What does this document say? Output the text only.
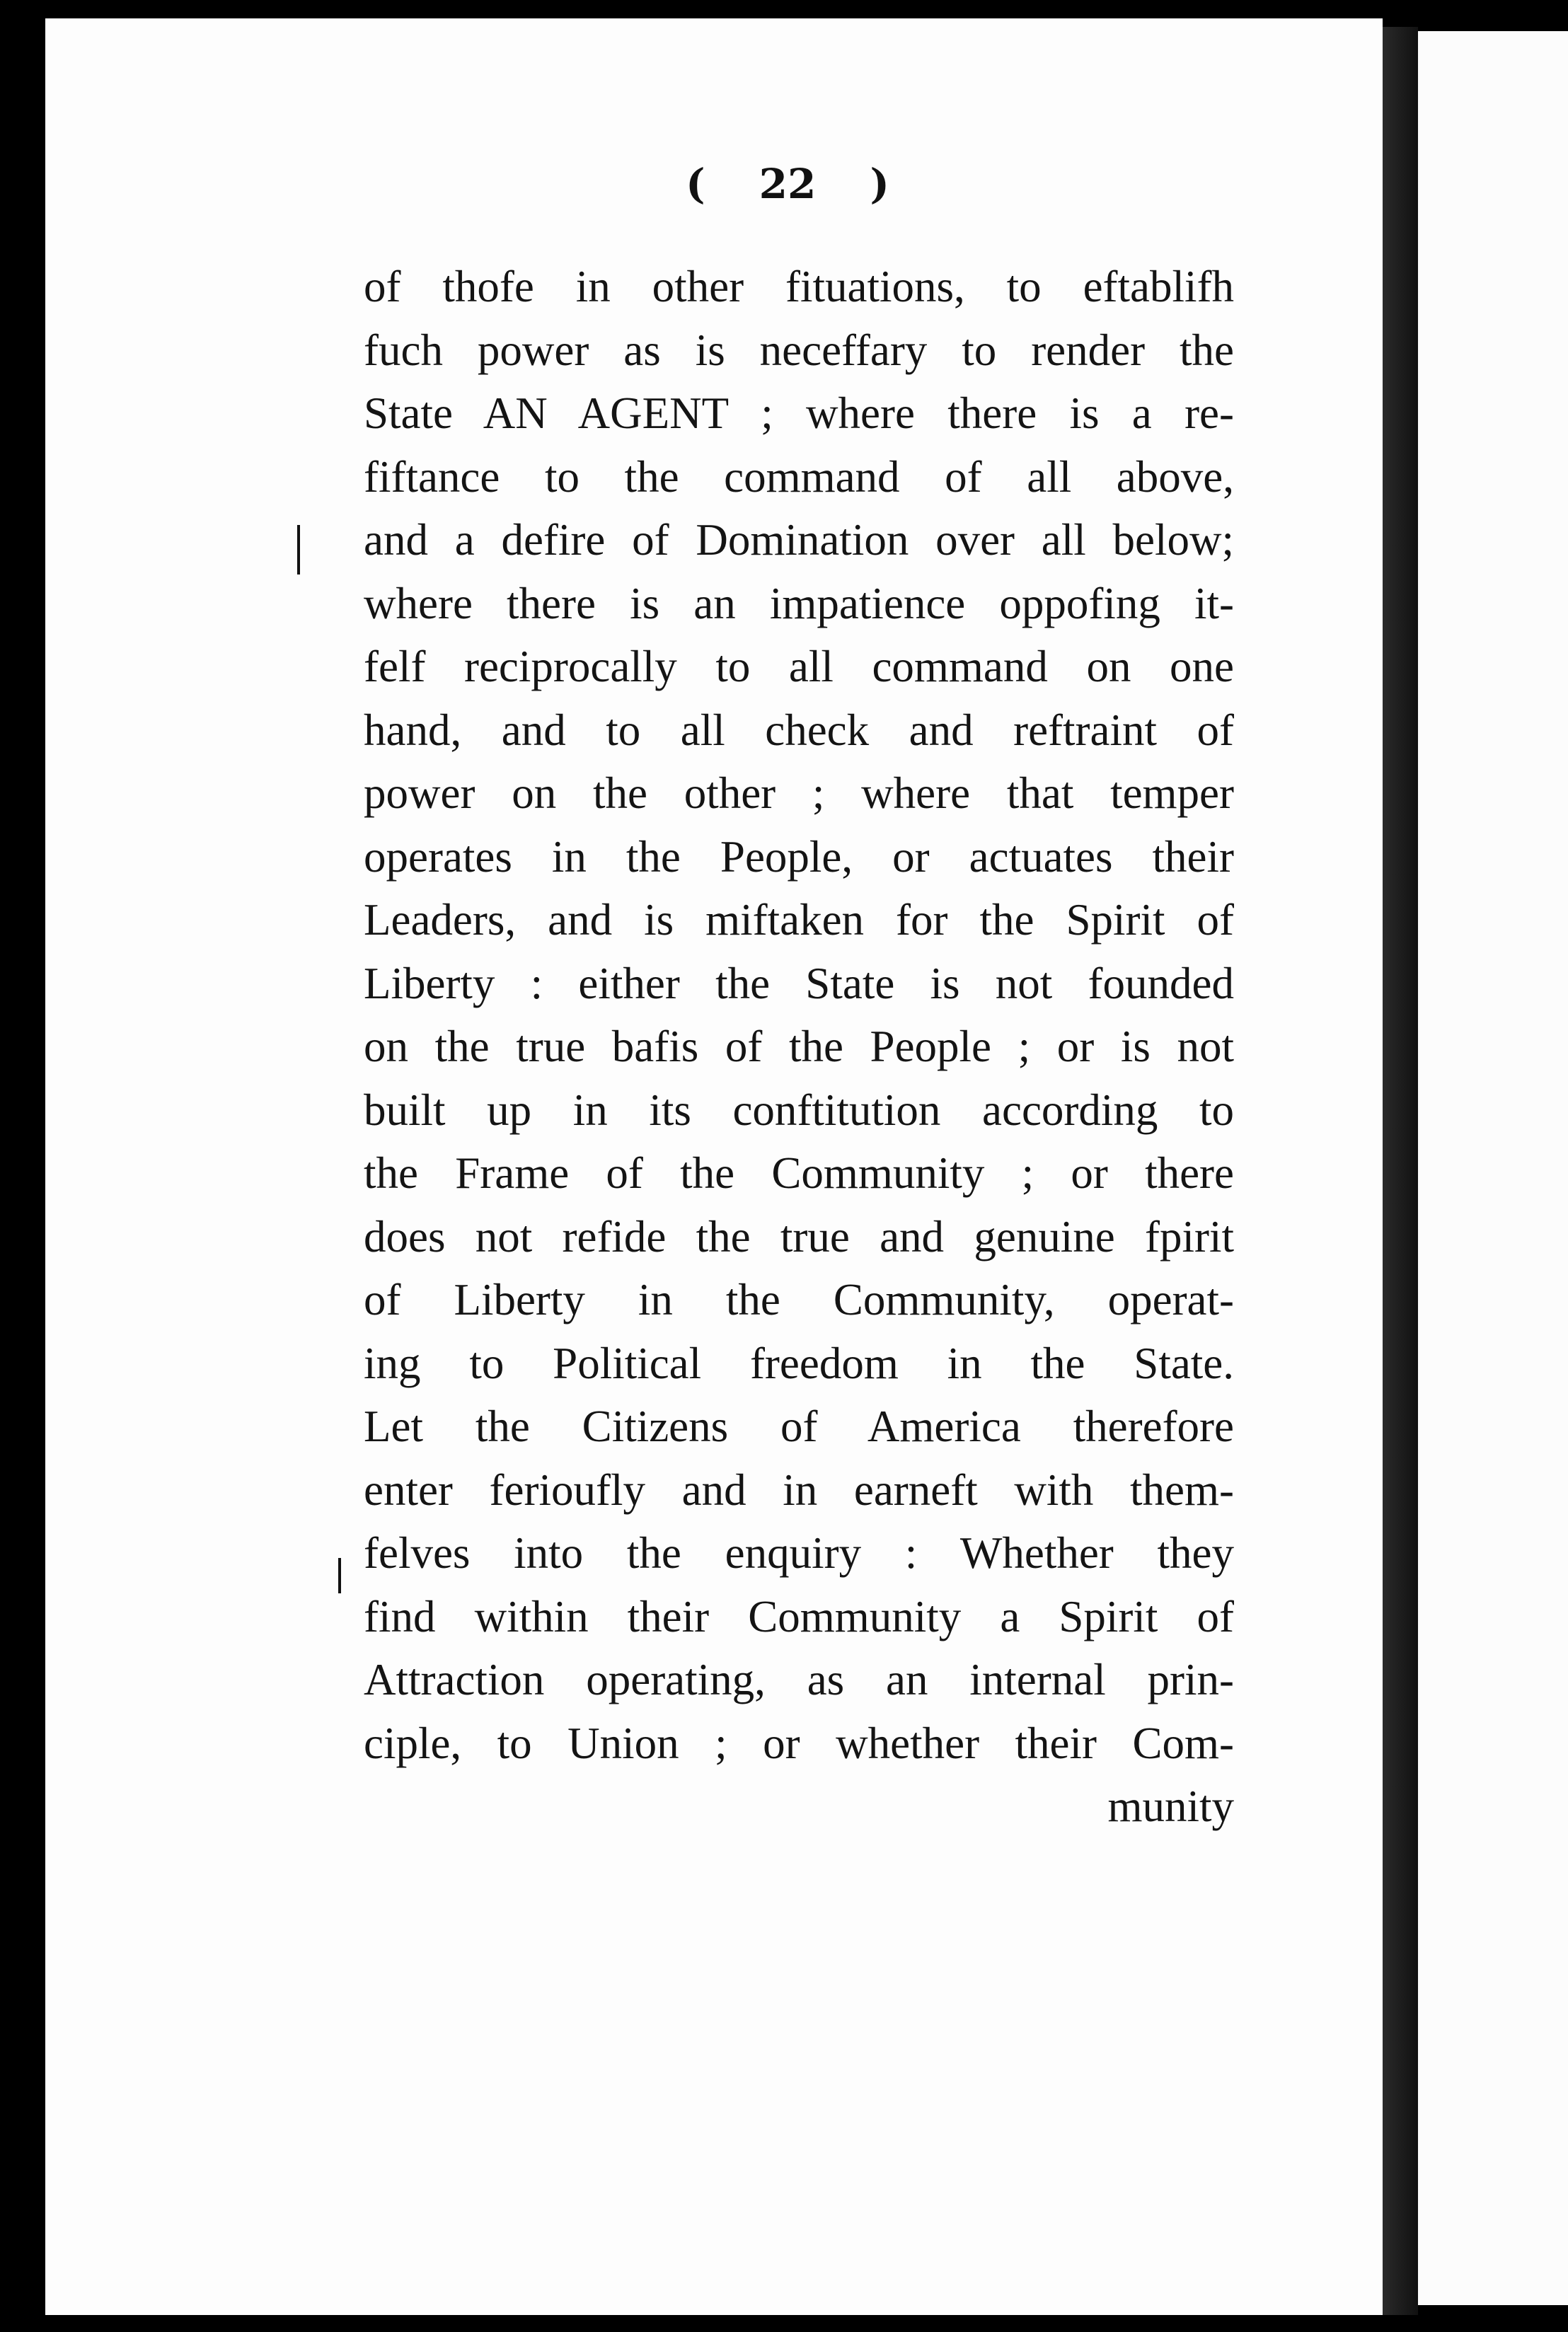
( 22 )
of thofe in other fituations, to eftablifh
fuch power as is neceffary to render the
State AN AGENT ; where there is a re-
fiftance to the command of all above,
and a defire of Domination over all below;
where there is an impatience oppofing it-
felf reciprocally to all command on one
hand, and to all check and reftraint of
power on the other ; where that temper
operates in the People, or actuates their
Leaders, and is miftaken for the Spirit of
Liberty : either the State is not founded
on the true bafis of the People ; or is not
built up in its conftitution according to
the Frame of the Community ; or there
does not refide the true and genuine fpirit
of Liberty in the Community, operat-
ing to Political freedom in the State.
Let the Citizens of America therefore
enter ferioufly and in earneft with them-
felves into the enquiry : Whether they
find within their Community a Spirit of
Attraction operating, as an internal prin-
ciple, to Union ; or whether their Com-
munity
